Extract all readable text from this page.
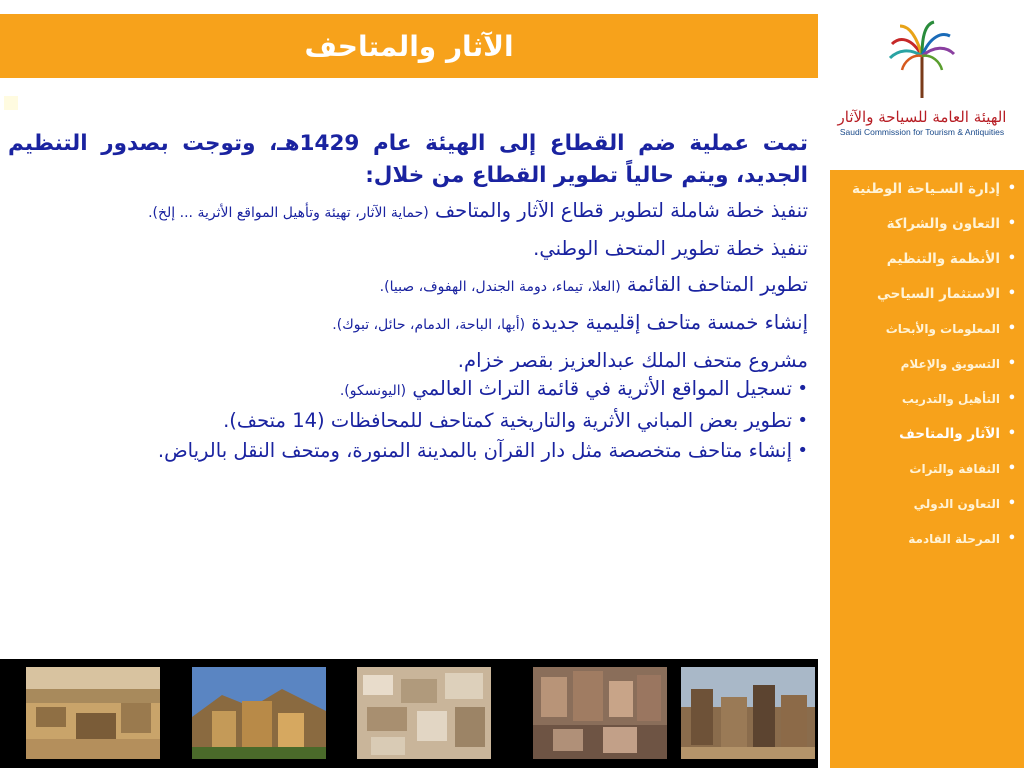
الآثار والمتاحف
الهيئة العامة للسياحة والآثار
Saudi Commission for Tourism & Antiquities
• إدارة السـياحة الوطنية
• التعاون والشراكة
• الأنظمة والتنظيم
• الاستثمار السياحي
• المعلومات والأبحاث
• التسويق والإعلام
• التأهيل والتدريب
• الآثار والمتاحف
• الثقافة والتراث
• التعاون الدولي
• المرحلة القادمة

تمت عملية ضم القطاع إلى الهيئة عام 1429هـ، وتوجت بصدور التنظيم الجديد، ويتم حالياً تطوير القطاع من خلال:

تنفيذ خطة شاملة لتطوير قطاع الآثار والمتاحف (حماية الآثار، تهيئة وتأهيل المواقع الأثرية ... إلخ).

تنفيذ خطة تطوير المتحف الوطني.

تطوير المتاحف القائمة (العلا، تيماء، دومة الجندل، الهفوف، صبيا).

إنشاء خمسة متاحف إقليمية جديدة (أبها، الباحة، الدمام، حائل، تبوك).

مشروع متحف الملك عبدالعزيز بقصر خزام.

• تسجيل المواقع الأثرية في قائمة التراث العالمي (اليونسكو).

• تطوير بعض المباني الأثرية والتاريخية كمتاحف للمحافظات (14 متحف).

• إنشاء متاحف متخصصة مثل دار القرآن بالمدينة المنورة، ومتحف النقل بالرياض.
